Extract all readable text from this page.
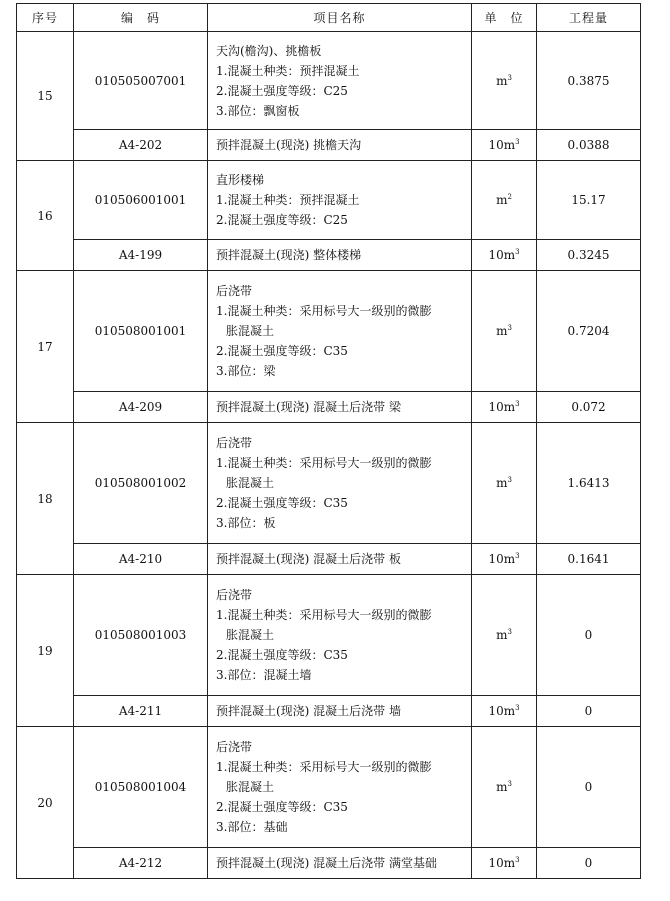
序号	编　码	项目名称	单　位	工程量
15	010505007001	天沟(檐沟)、挑檐板
1.混凝土种类：预拌混凝土
2.混凝土强度等级：C25
3.部位：飘窗板	$m^3$	0.3875
	A4-202	预拌混凝土(现浇) 挑檐天沟	$10m^3$	0.0388
16	010506001001	直形楼梯
1.混凝土种类：预拌混凝土
2.混凝土强度等级：C25	$m^2$	15.17
	A4-199	预拌混凝土(现浇) 整体楼梯	$10m^3$	0.3245
17	010508001001	后浇带
1.混凝土种类：采用标号大一级别的微膨
胀混凝土
2.混凝土强度等级：C35
3.部位：梁	$m^3$	0.7204
	A4-209	预拌混凝土(现浇) 混凝土后浇带 梁	$10m^3$	0.072
18	010508001002	后浇带
1.混凝土种类：采用标号大一级别的微膨
胀混凝土
2.混凝土强度等级：C35
3.部位：板	$m^3$	1.6413
	A4-210	预拌混凝土(现浇) 混凝土后浇带 板	$10m^3$	0.1641
19	010508001003	后浇带
1.混凝土种类：采用标号大一级别的微膨
胀混凝土
2.混凝土强度等级：C35
3.部位：混凝土墙	$m^3$	0
	A4-211	预拌混凝土(现浇) 混凝土后浇带 墙	$10m^3$	0
20	010508001004	后浇带
1.混凝土种类：采用标号大一级别的微膨
胀混凝土
2.混凝土强度等级：C35
3.部位：基础	$m^3$	0
	A4-212	预拌混凝土(现浇) 混凝土后浇带 满堂基础	$10m^3$	0
